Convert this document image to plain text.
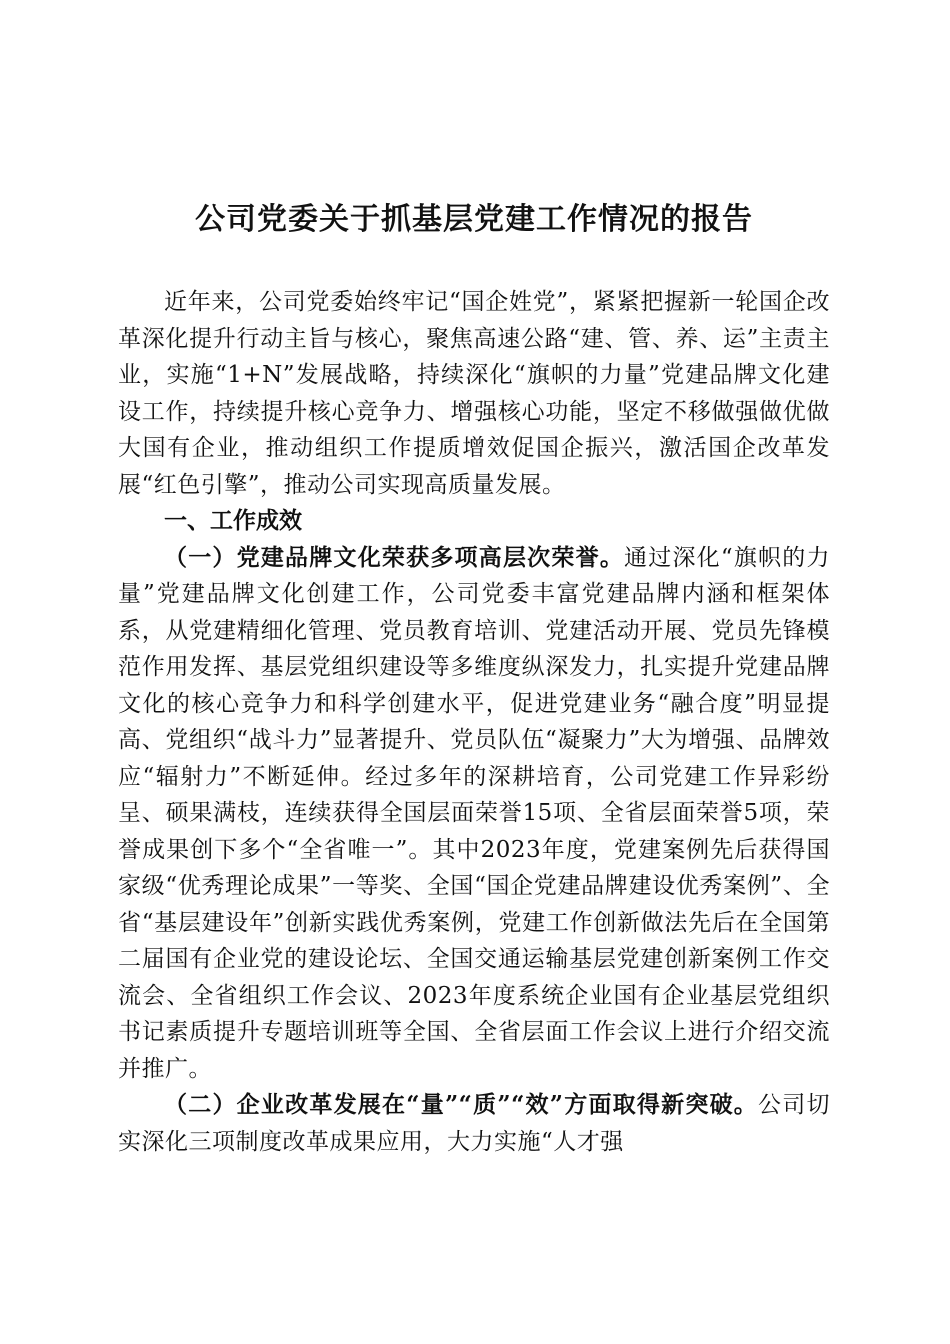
公司党委关于抓基层党建工作情况的报告

近年来，公司党委始终牢记“国企姓党”，紧紧把握新一轮国企改革深化提升行动主旨与核心，聚焦高速公路“建、管、养、运”主责主业，实施“1+N”发展战略，持续深化“旗帜的力量”党建品牌文化建设工作，持续提升核心竞争力、增强核心功能，坚定不移做强做优做大国有企业，推动组织工作提质增效促国企振兴，激活国企改革发展“红色引擎”，推动公司实现高质量发展。

一、工作成效

（一）党建品牌文化荣获多项高层次荣誉。通过深化“旗帜的力量”党建品牌文化创建工作，公司党委丰富党建品牌内涵和框架体系，从党建精细化管理、党员教育培训、党建活动开展、党员先锋模范作用发挥、基层党组织建设等多维度纵深发力，扎实提升党建品牌文化的核心竞争力和科学创建水平，促进党建业务“融合度”明显提高、党组织“战斗力”显著提升、党员队伍“凝聚力”大为增强、品牌效应“辐射力”不断延伸。经过多年的深耕培育，公司党建工作异彩纷呈、硕果满枝，连续获得全国层面荣誉15项、全省层面荣誉5项，荣誉成果创下多个“全省唯一”。其中2023年度，党建案例先后获得国家级“优秀理论成果”一等奖、全国“国企党建品牌建设优秀案例”、全省“基层建设年”创新实践优秀案例，党建工作创新做法先后在全国第二届国有企业党的建设论坛、全国交通运输基层党建创新案例工作交流会、全省组织工作会议、2023年度系统企业国有企业基层党组织书记素质提升专题培训班等全国、全省层面工作会议上进行介绍交流并推广。

（二）企业改革发展在“量”“质”“效”方面取得新突破。公司切实深化三项制度改革成果应用，大力实施“人才强
